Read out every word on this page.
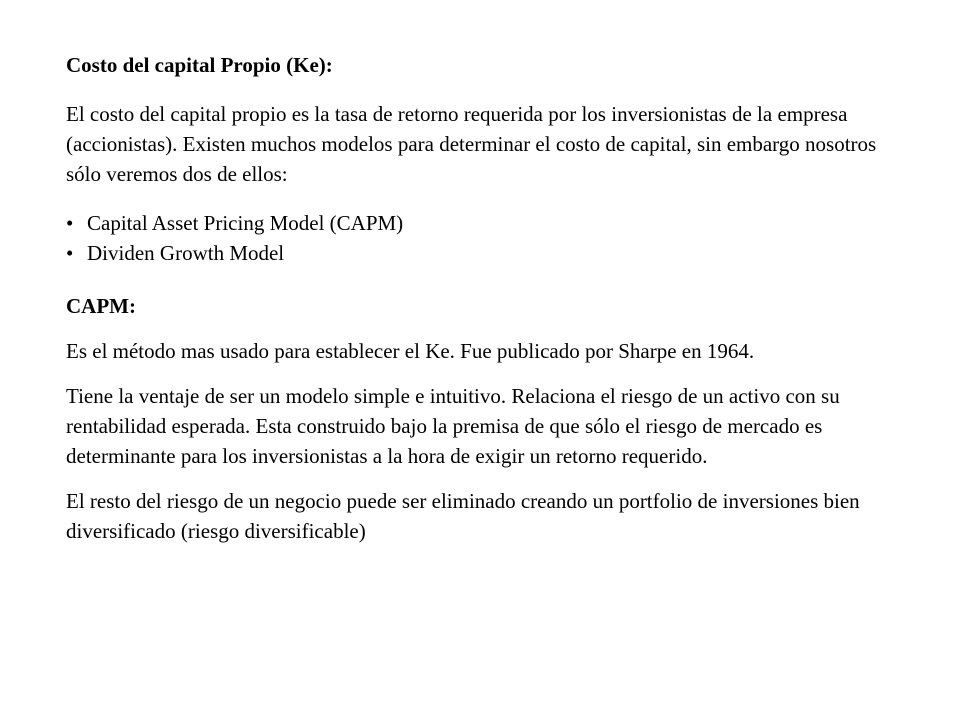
Costo del capital Propio (Ke):
El costo del capital propio es la tasa de retorno requerida por los inversionistas de la empresa (accionistas). Existen muchos modelos para determinar el costo de capital, sin embargo nosotros sólo veremos dos de ellos:
• Capital Asset Pricing Model (CAPM)
• Dividen Growth Model
CAPM:
Es el método mas usado para establecer el Ke. Fue publicado por Sharpe en 1964.
Tiene la ventaje de ser un modelo simple e intuitivo. Relaciona el riesgo de un activo con su rentabilidad esperada. Esta construido bajo la premisa de que sólo el riesgo de mercado es determinante para los inversionistas a la hora de exigir un retorno requerido.
El resto del riesgo de un negocio puede ser eliminado creando un portfolio de inversiones bien diversificado (riesgo diversificable)
